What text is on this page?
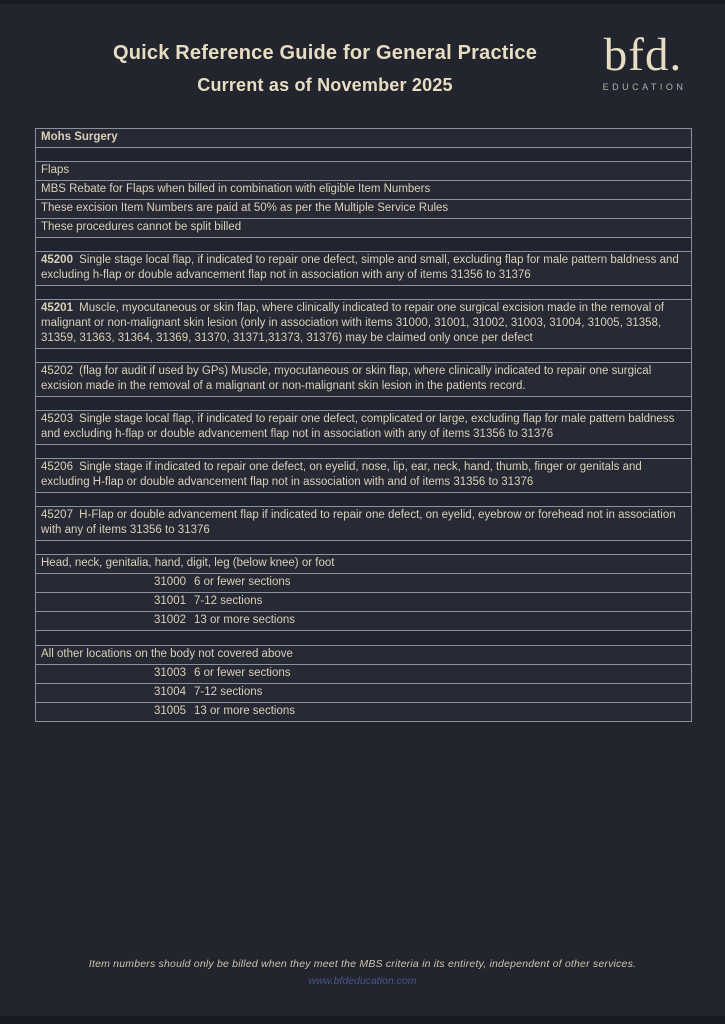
Quick Reference Guide for General Practice
Current as of November 2025
bfd.
EDUCATION
Mohs Surgery
Flaps
MBS Rebate for Flaps when billed in combination with eligible Item Numbers
These excision Item Numbers are paid at 50% as per the Multiple Service Rules
These procedures cannot be split billed
45200 Single stage local flap, if indicated to repair one defect, simple and small, excluding flap for male pattern baldness and excluding h-flap or double advancement flap not in association with any of items 31356 to 31376
45201 Muscle, myocutaneous or skin flap, where clinically indicated to repair one surgical excision made in the removal of malignant or non-malignant skin lesion (only in association with items 31000, 31001, 31002, 31003, 31004, 31005, 31358, 31359, 31363, 31364, 31369, 31370, 31371,31373, 31376) may be claimed only once per defect
45202 (flag for audit if used by GPs) Muscle, myocutaneous or skin flap, where clinically indicated to repair one surgical excision made in the removal of a malignant or non-malignant skin lesion in the patients record.
45203 Single stage local flap, if indicated to repair one defect, complicated or large, excluding flap for male pattern baldness and excluding h-flap or double advancement flap not in association with any of items 31356 to 31376
45206 Single stage if indicated to repair one defect, on eyelid, nose, lip, ear, neck, hand, thumb, finger or genitals and excluding H-flap or double advancement flap not in association with and of items 31356 to 31376
45207 H-Flap or double advancement flap if indicated to repair one defect, on eyelid, eyebrow or forehead not in association with any of items 31356 to 31376
Head, neck, genitalia, hand, digit, leg (below knee) or foot
31000 6 or fewer sections
31001 7-12 sections
31002 13 or more sections
All other locations on the body not covered above
31003 6 or fewer sections
31004 7-12 sections
31005 13 or more sections
Item numbers should only be billed when they meet the MBS criteria in its entirety, independent of other services.
www.bfdeducation.com
